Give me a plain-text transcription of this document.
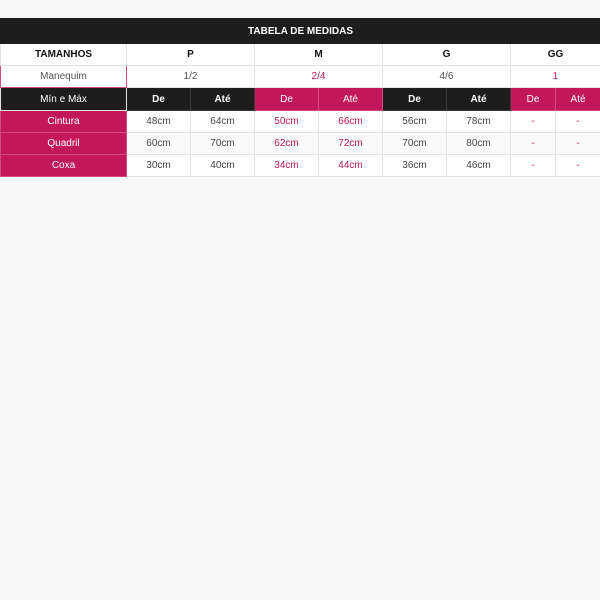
TABELA DE MEDIDAS								
TAMANHOS	P		M		G		GG	
Manequim	1/2		2/4		4/6		1	
Mín e Máx	De	Até	De	Até	De	Até	De	Até
Cintura	48cm	64cm	50cm	66cm	56cm	78cm	-	-
Quadril	60cm	70cm	62cm	72cm	70cm	80cm	-	-
Coxa	30cm	40cm	34cm	44cm	36cm	46cm	-	-
